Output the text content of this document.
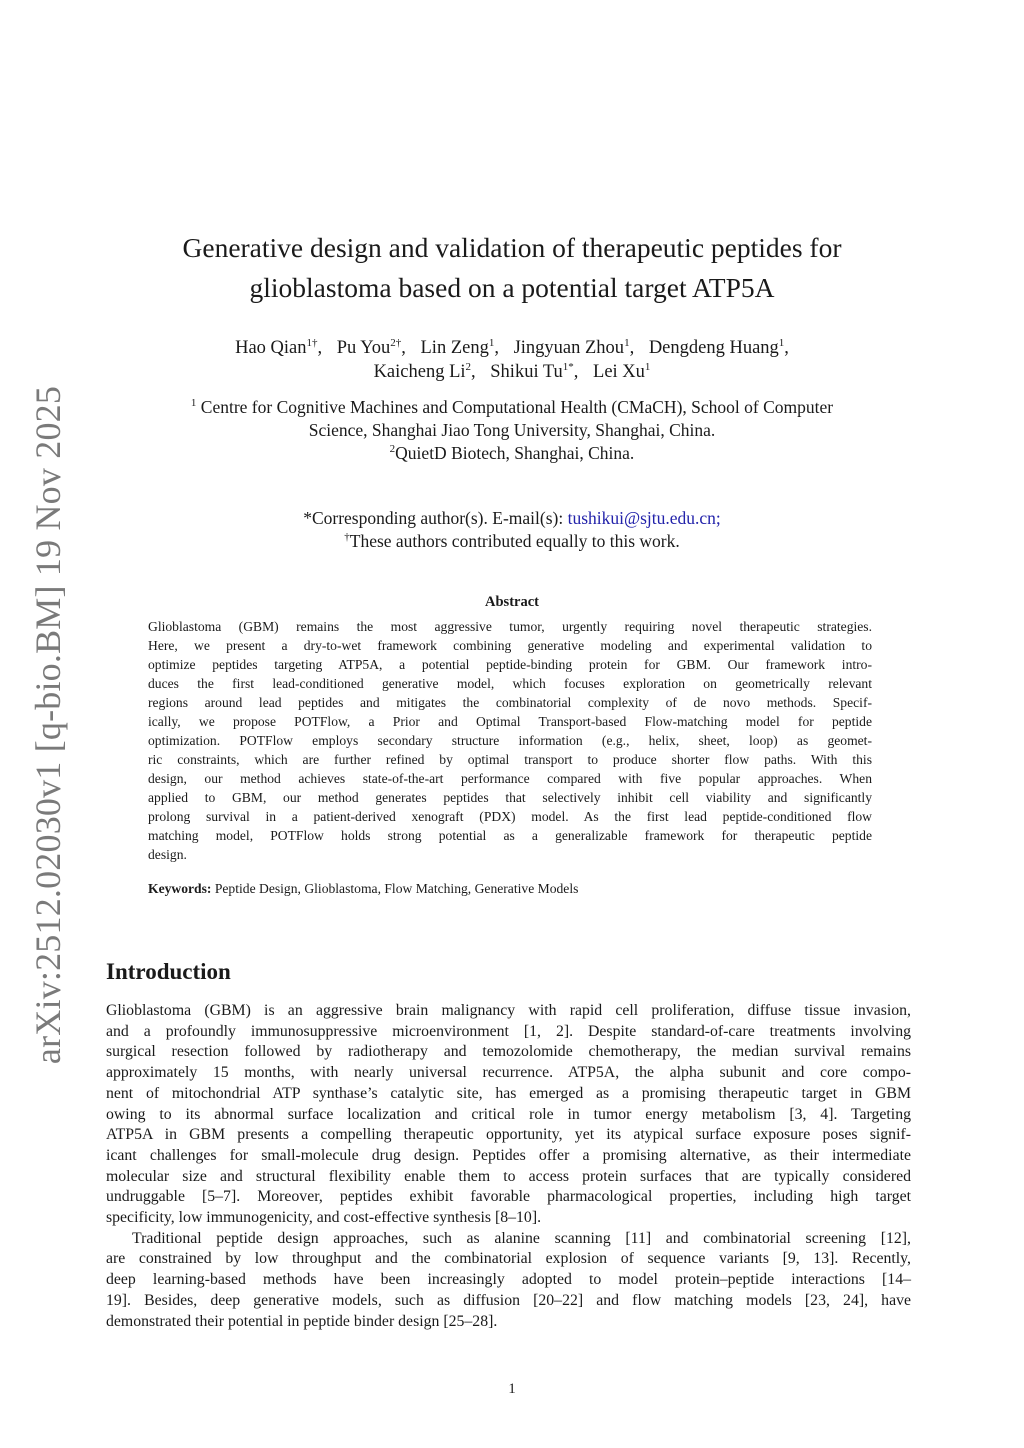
arXiv:2512.02030v1 [q-bio.BM] 19 Nov 2025
Generative design and validation of therapeutic peptides for
glioblastoma based on a potential target ATP5A
Hao Qian$^{1\dagger}$, Pu You$^{2\dagger}$, Lin Zeng$^1$, Jingyuan Zhou$^1$, Dengdeng Huang$^1$,
Kaicheng Li$^2$, Shikui $Tu^{1*}$, Lei Xu$^1$
$^1$ Centre for Cognitive Machines and Computational Health (CMaCH), School of Computer
Science, Shanghai Jiao Tong University, Shanghai, China.
$^2$QuietD Biotech, Shanghai, China.
*Corresponding author(s). E-mail(s): tushikui@sjtu.edu.cn;
†These authors contributed equally to this work.
Abstract
Glioblastoma (GBM) remains the most aggressive tumor, urgently requiring novel therapeutic strategies.
Here, we present a dry-to-wet framework combining generative modeling and experimental validation to
optimize peptides targeting ATP5A, a potential peptide-binding protein for GBM. Our framework intro-
duces the first lead-conditioned generative model, which focuses exploration on geometrically relevant
regions around lead peptides and mitigates the combinatorial complexity of de novo methods. Specif-
ically, we propose POTFlow, a Prior and Optimal Transport-based Flow-matching model for peptide
optimization. POTFlow employs secondary structure information (e.g., helix, sheet, loop) as geomet-
ric constraints, which are further refined by optimal transport to produce shorter flow paths. With this
design, our method achieves state-of-the-art performance compared with five popular approaches. When
applied to GBM, our method generates peptides that selectively inhibit cell viability and significantly
prolong survival in a patient-derived xenograft (PDX) model. As the first lead peptide-conditioned flow
matching model, POTFlow holds strong potential as a generalizable framework for therapeutic peptide
design.
Keywords: Peptide Design, Glioblastoma, Flow Matching, Generative Models
Introduction
Glioblastoma (GBM) is an aggressive brain malignancy with rapid cell proliferation, diffuse tissue invasion,
and a profoundly immunosuppressive microenvironment [1, 2]. Despite standard-of-care treatments involving
surgical resection followed by radiotherapy and temozolomide chemotherapy, the median survival remains
approximately 15 months, with nearly universal recurrence. ATP5A, the alpha subunit and core compo-
nent of mitochondrial ATP synthase’s catalytic site, has emerged as a promising therapeutic target in GBM
owing to its abnormal surface localization and critical role in tumor energy metabolism [3, 4]. Targeting
ATP5A in GBM presents a compelling therapeutic opportunity, yet its atypical surface exposure poses signif-
icant challenges for small-molecule drug design. Peptides offer a promising alternative, as their intermediate
molecular size and structural flexibility enable them to access protein surfaces that are typically considered
undruggable [5–7]. Moreover, peptides exhibit favorable pharmacological properties, including high target
specificity, low immunogenicity, and cost-effective synthesis [8–10].
Traditional peptide design approaches, such as alanine scanning [11] and combinatorial screening [12],
are constrained by low throughput and the combinatorial explosion of sequence variants [9, 13]. Recently,
deep learning-based methods have been increasingly adopted to model protein–peptide interactions [14–
19]. Besides, deep generative models, such as diffusion [20–22] and flow matching models [23, 24], have
demonstrated their potential in peptide binder design [25–28].
1
